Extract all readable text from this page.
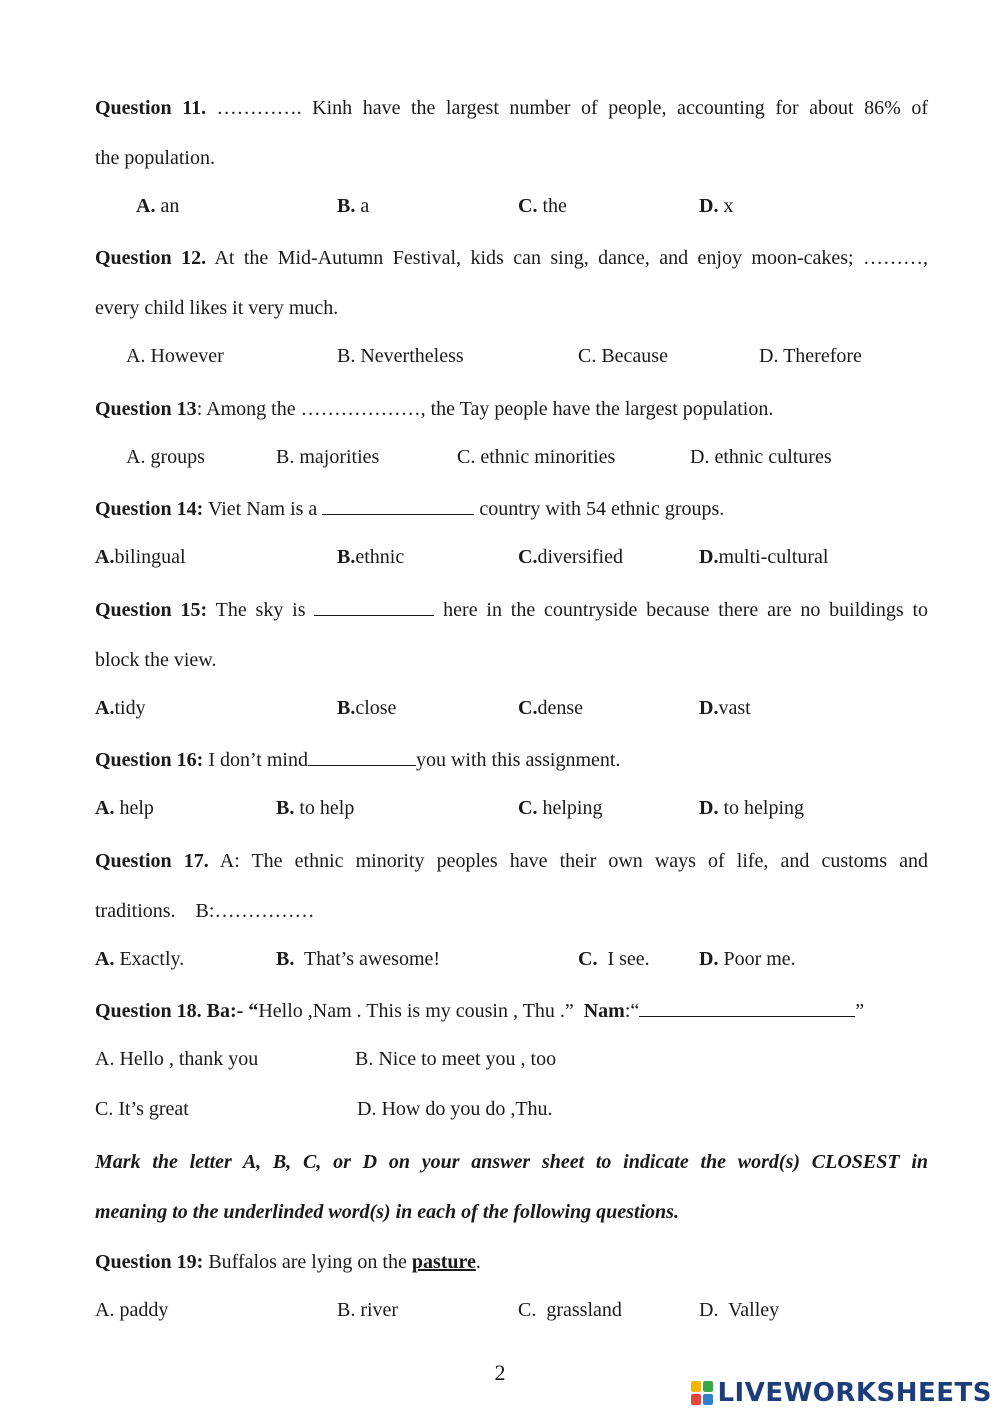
Question 11. …………. Kinh have the largest number of people, accounting for about 86% of
the population.
A. an	B. a	C. the	D. x
Question 12. At the Mid-Autumn Festival, kids can sing, dance, and enjoy moon-cakes; ………,
every child likes it very much.
A. However	B. Nevertheless	C. Because	D. Therefore
Question 13: Among the ………………, the Tay people have the largest population.
A. groups	B. majorities	C. ethnic minorities	D. ethnic cultures
Question 14: Viet Nam is a	country with 54 ethnic groups.
A.bilingual	B.ethnic	C.diversified	D.multi-cultural
Question 15: The sky is	here in the countryside because there are no buildings to
block the view.
A.tidy	B.close	C.dense	D.vast
Question 16: I don’t mind	you with this assignment.
A. help	B. to help	C. helping	D. to helping
Question 17. A: The ethnic minority peoples have their own ways of life, and customs and
traditions.    B:……………
A. Exactly.	B.  That’s awesome!	C.  I see. D. Poor me.
Question 18. Ba:- “Hello ,Nam . This is my cousin , Thu .”  Nam:“	”
A. Hello , thank you	B. Nice to meet you , too
C. It’s great	D. How do you do ,Thu.
Mark the letter A, B, C, or D on your answer sheet to indicate the word(s) CLOSEST in
meaning to the underlinded word(s) in each of the following questions.
Question 19: Buffalos are lying on the pasture.
A. paddy	B. river	C.  grassland	D.  Valley
2
LIVEWORKSHEETS
